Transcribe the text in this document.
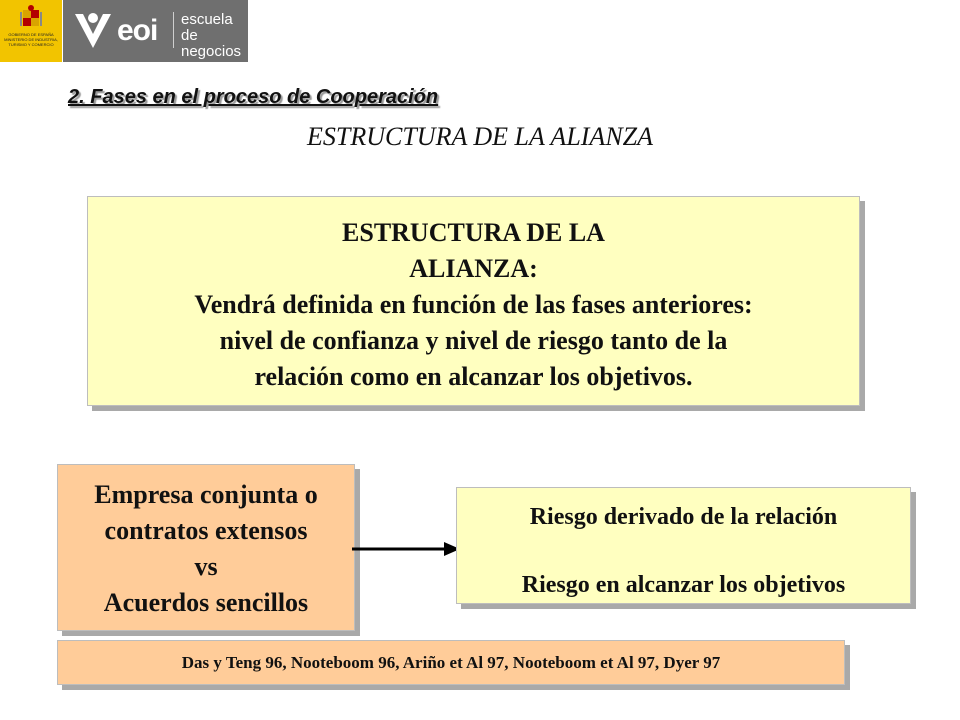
GOBIERNO DE ESPAÑA MINISTERIO DE INDUSTRIA, TURISMO Y COMERCIO eoi escuela
de negocios
2. Fases en el proceso de Cooperación
ESTRUCTURA DE LA ALIANZA
ESTRUCTURA DE LA
ALIANZA:
Vendrá definida en función de las fases anteriores:
nivel de confianza y nivel de riesgo tanto de la
relación como en alcanzar los objetivos.
Empresa conjunta o
contratos extensos
vs
Acuerdos sencillos
Riesgo derivado de la relación

Riesgo en alcanzar los objetivos
Das y Teng 96, Nooteboom 96, Ariño et Al 97, Nooteboom et Al 97, Dyer 97
